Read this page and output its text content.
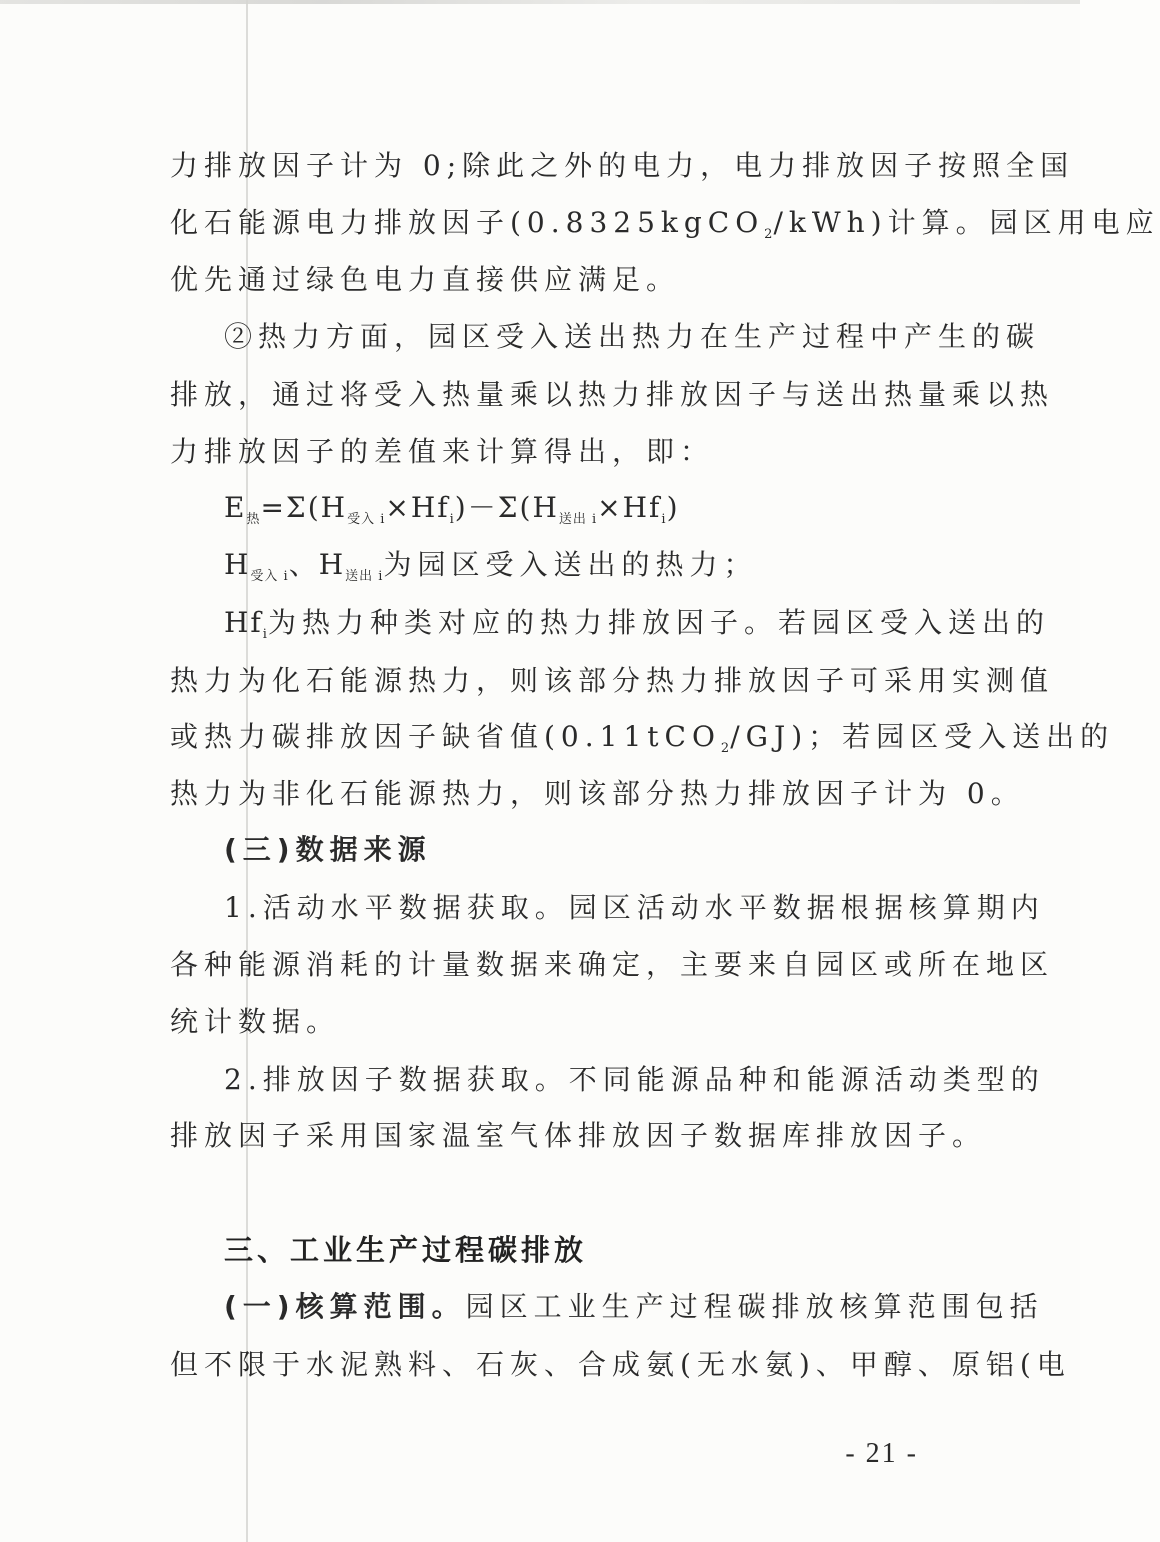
力排放因子计为 0;除此之外的电力，电力排放因子按照全国
化石能源电力排放因子(0.8325kgCO$_2$/kWh)计算。园区用电应
优先通过绿色电力直接供应满足。
②热力方面，园区受入送出热力在生产过程中产生的碳
排放，通过将受入热量乘以热力排放因子与送出热量乘以热
力排放因子的差值来计算得出，即：
$E_热=\Sigma(H_{受入 i}\times Hf_i)-\Sigma(H_{送出 i}\times Hf_i)$
$H_{受入 i}$、$H_{送出 i}$为园区受入送出的热力；
$Hf_i$为热力种类对应的热力排放因子。若园区受入送出的
热力为化石能源热力，则该部分热力排放因子可采用实测值
或热力碳排放因子缺省值(0.11tCO$_2$/GJ)；若园区受入送出的
热力为非化石能源热力，则该部分热力排放因子计为 0。
(三)数据来源
1.活动水平数据获取。园区活动水平数据根据核算期内
各种能源消耗的计量数据来确定，主要来自园区或所在地区
统计数据。
2.排放因子数据获取。不同能源品种和能源活动类型的
排放因子采用国家温室气体排放因子数据库排放因子。
三、工业生产过程碳排放
(一)核算范围。园区工业生产过程碳排放核算范围包括
但不限于水泥熟料、石灰、合成氨(无水氨)、甲醇、原铝(电
- 21 -
